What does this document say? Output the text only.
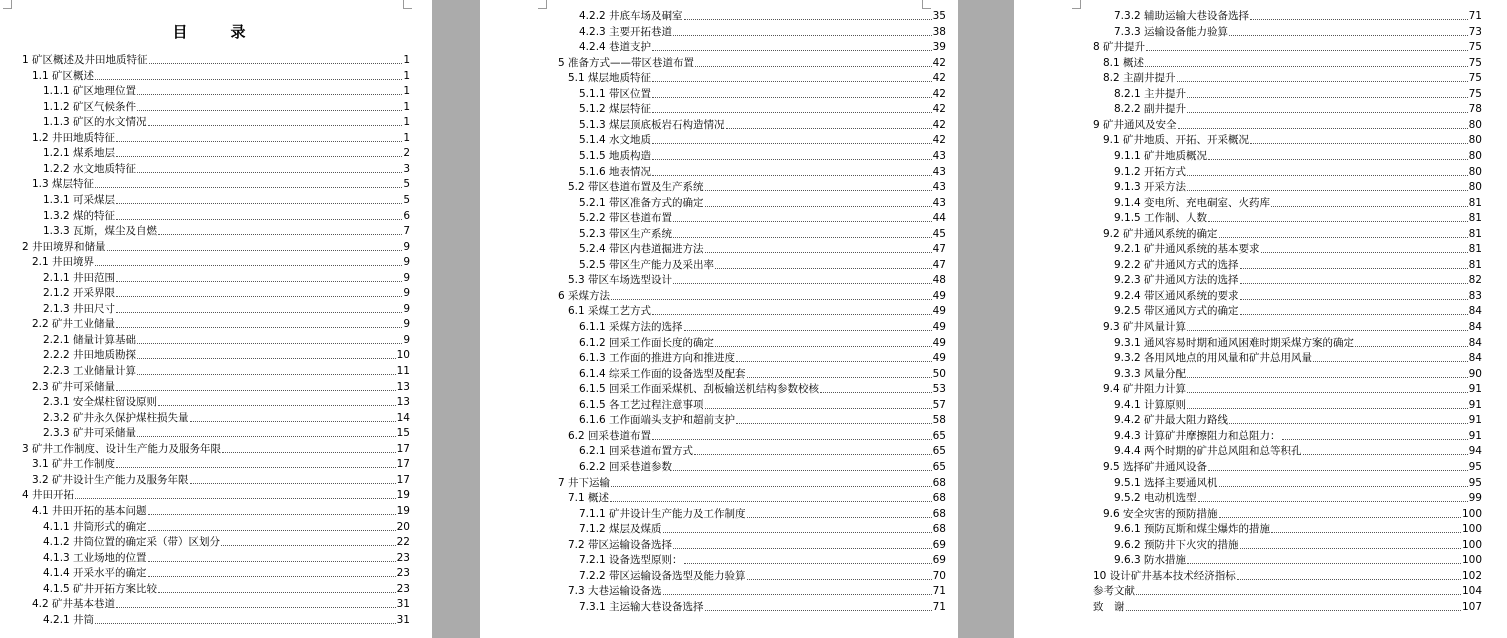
目　录
1 矿区概述及井田地质特征	1
1.1 矿区概述	1
1.1.1 矿区地理位置	1
1.1.2 矿区气候条件	1
1.1.3 矿区的水文情况	1
1.2 井田地质特征	1
1.2.1 煤系地层	2
1.2.2 水文地质特征	3
1.3 煤层特征	5
1.3.1 可采煤层	5
1.3.2 煤的特征	6
1.3.3 瓦斯，煤尘及自燃	7
2 井田境界和储量	9
2.1 井田境界	9
2.1.1 井田范围	9
2.1.2 开采界限	9
2.1.3 井田尺寸	9
2.2 矿井工业储量	9
2.2.1 储量计算基础	9
2.2.2 井田地质勘探	10
2.2.3 工业储量计算	11
2.3 矿井可采储量	13
2.3.1 安全煤柱留设原则	13
2.3.2 矿井永久保护煤柱损失量	14
2.3.3 矿井可采储量	15
3 矿井工作制度、设计生产能力及服务年限	17
3.1 矿井工作制度	17
3.2 矿井设计生产能力及服务年限	17
4 井田开拓	19
4.1 井田开拓的基本问题	19
4.1.1 井筒形式的确定	20
4.1.2 井筒位置的确定采（带）区划分	22
4.1.3 工业场地的位置	23
4.1.4 开采水平的确定	23
4.1.5 矿井开拓方案比较	23
4.2 矿井基本巷道	31
4.2.1 井筒	31
4.2.2 井底车场及硐室	35
4.2.3 主要开拓巷道	38
4.2.4 巷道支护	39
5 准备方式——带区巷道布置	42
5.1 煤层地质特征	42
5.1.1 带区位置	42
5.1.2 煤层特征	42
5.1.3 煤层顶底板岩石构造情况	42
5.1.4 水文地质	42
5.1.5 地质构造	43
5.1.6 地表情况	43
5.2 带区巷道布置及生产系统	43
5.2.1 带区准备方式的确定	43
5.2.2 带区巷道布置	44
5.2.3 带区生产系统	45
5.2.4 带区内巷道掘进方法	47
5.2.5 带区生产能力及采出率	47
5.3 带区车场选型设计	48
6 采煤方法	49
6.1 采煤工艺方式	49
6.1.1 采煤方法的选择	49
6.1.2 回采工作面长度的确定	49
6.1.3 工作面的推进方向和推进度	49
6.1.4 综采工作面的设备选型及配套	50
6.1.5 回采工作面采煤机、刮板输送机结构参数校核	53
6.1.5 各工艺过程注意事项	57
6.1.6 工作面端头支护和超前支护	58
6.2 回采巷道布置	65
6.2.1 回采巷道布置方式	65
6.2.2 回采巷道参数	65
7 井下运输	68
7.1 概述	68
7.1.1 矿井设计生产能力及工作制度	68
7.1.2 煤层及煤质	68
7.2 带区运输设备选择	69
7.2.1 设备选型原则：	69
7.2.2 带区运输设备选型及能力验算	70
7.3 大巷运输设备选	71
7.3.1 主运输大巷设备选择	71
7.3.2 辅助运输大巷设备选择	71
7.3.3 运输设备能力验算	73
8 矿井提升	75
8.1 概述	75
8.2 主副井提升	75
8.2.1 主井提升	75
8.2.2 副井提升	78
9 矿井通风及安全	80
9.1 矿井地质、开拓、开采概况	80
9.1.1 矿井地质概况	80
9.1.2 开拓方式	80
9.1.3 开采方法	80
9.1.4 变电所、充电硐室、火药库	81
9.1.5 工作制、人数	81
9.2 矿井通风系统的确定	81
9.2.1 矿井通风系统的基本要求	81
9.2.2 矿井通风方式的选择	81
9.2.3 矿井通风方法的选择	82
9.2.4 带区通风系统的要求	83
9.2.5 带区通风方式的确定	84
9.3 矿井风量计算	84
9.3.1 通风容易时期和通风困难时期采煤方案的确定	84
9.3.2 各用风地点的用风量和矿井总用风量	84
9.3.3 风量分配	90
9.4 矿井阻力计算	91
9.4.1 计算原则	91
9.4.2 矿井最大阻力路线	91
9.4.3 计算矿井摩擦阻力和总阻力：	91
9.4.4 两个时期的矿井总风阻和总等积孔	94
9.5 选择矿井通风设备	95
9.5.1 选择主要通风机	95
9.5.2 电动机选型	99
9.6 安全灾害的预防措施	100
9.6.1 预防瓦斯和煤尘爆炸的措施	100
9.6.2 预防井下火灾的措施	100
9.6.3 防水措施	100
10 设计矿井基本技术经济指标	102
参考文献	104
致　谢	107
